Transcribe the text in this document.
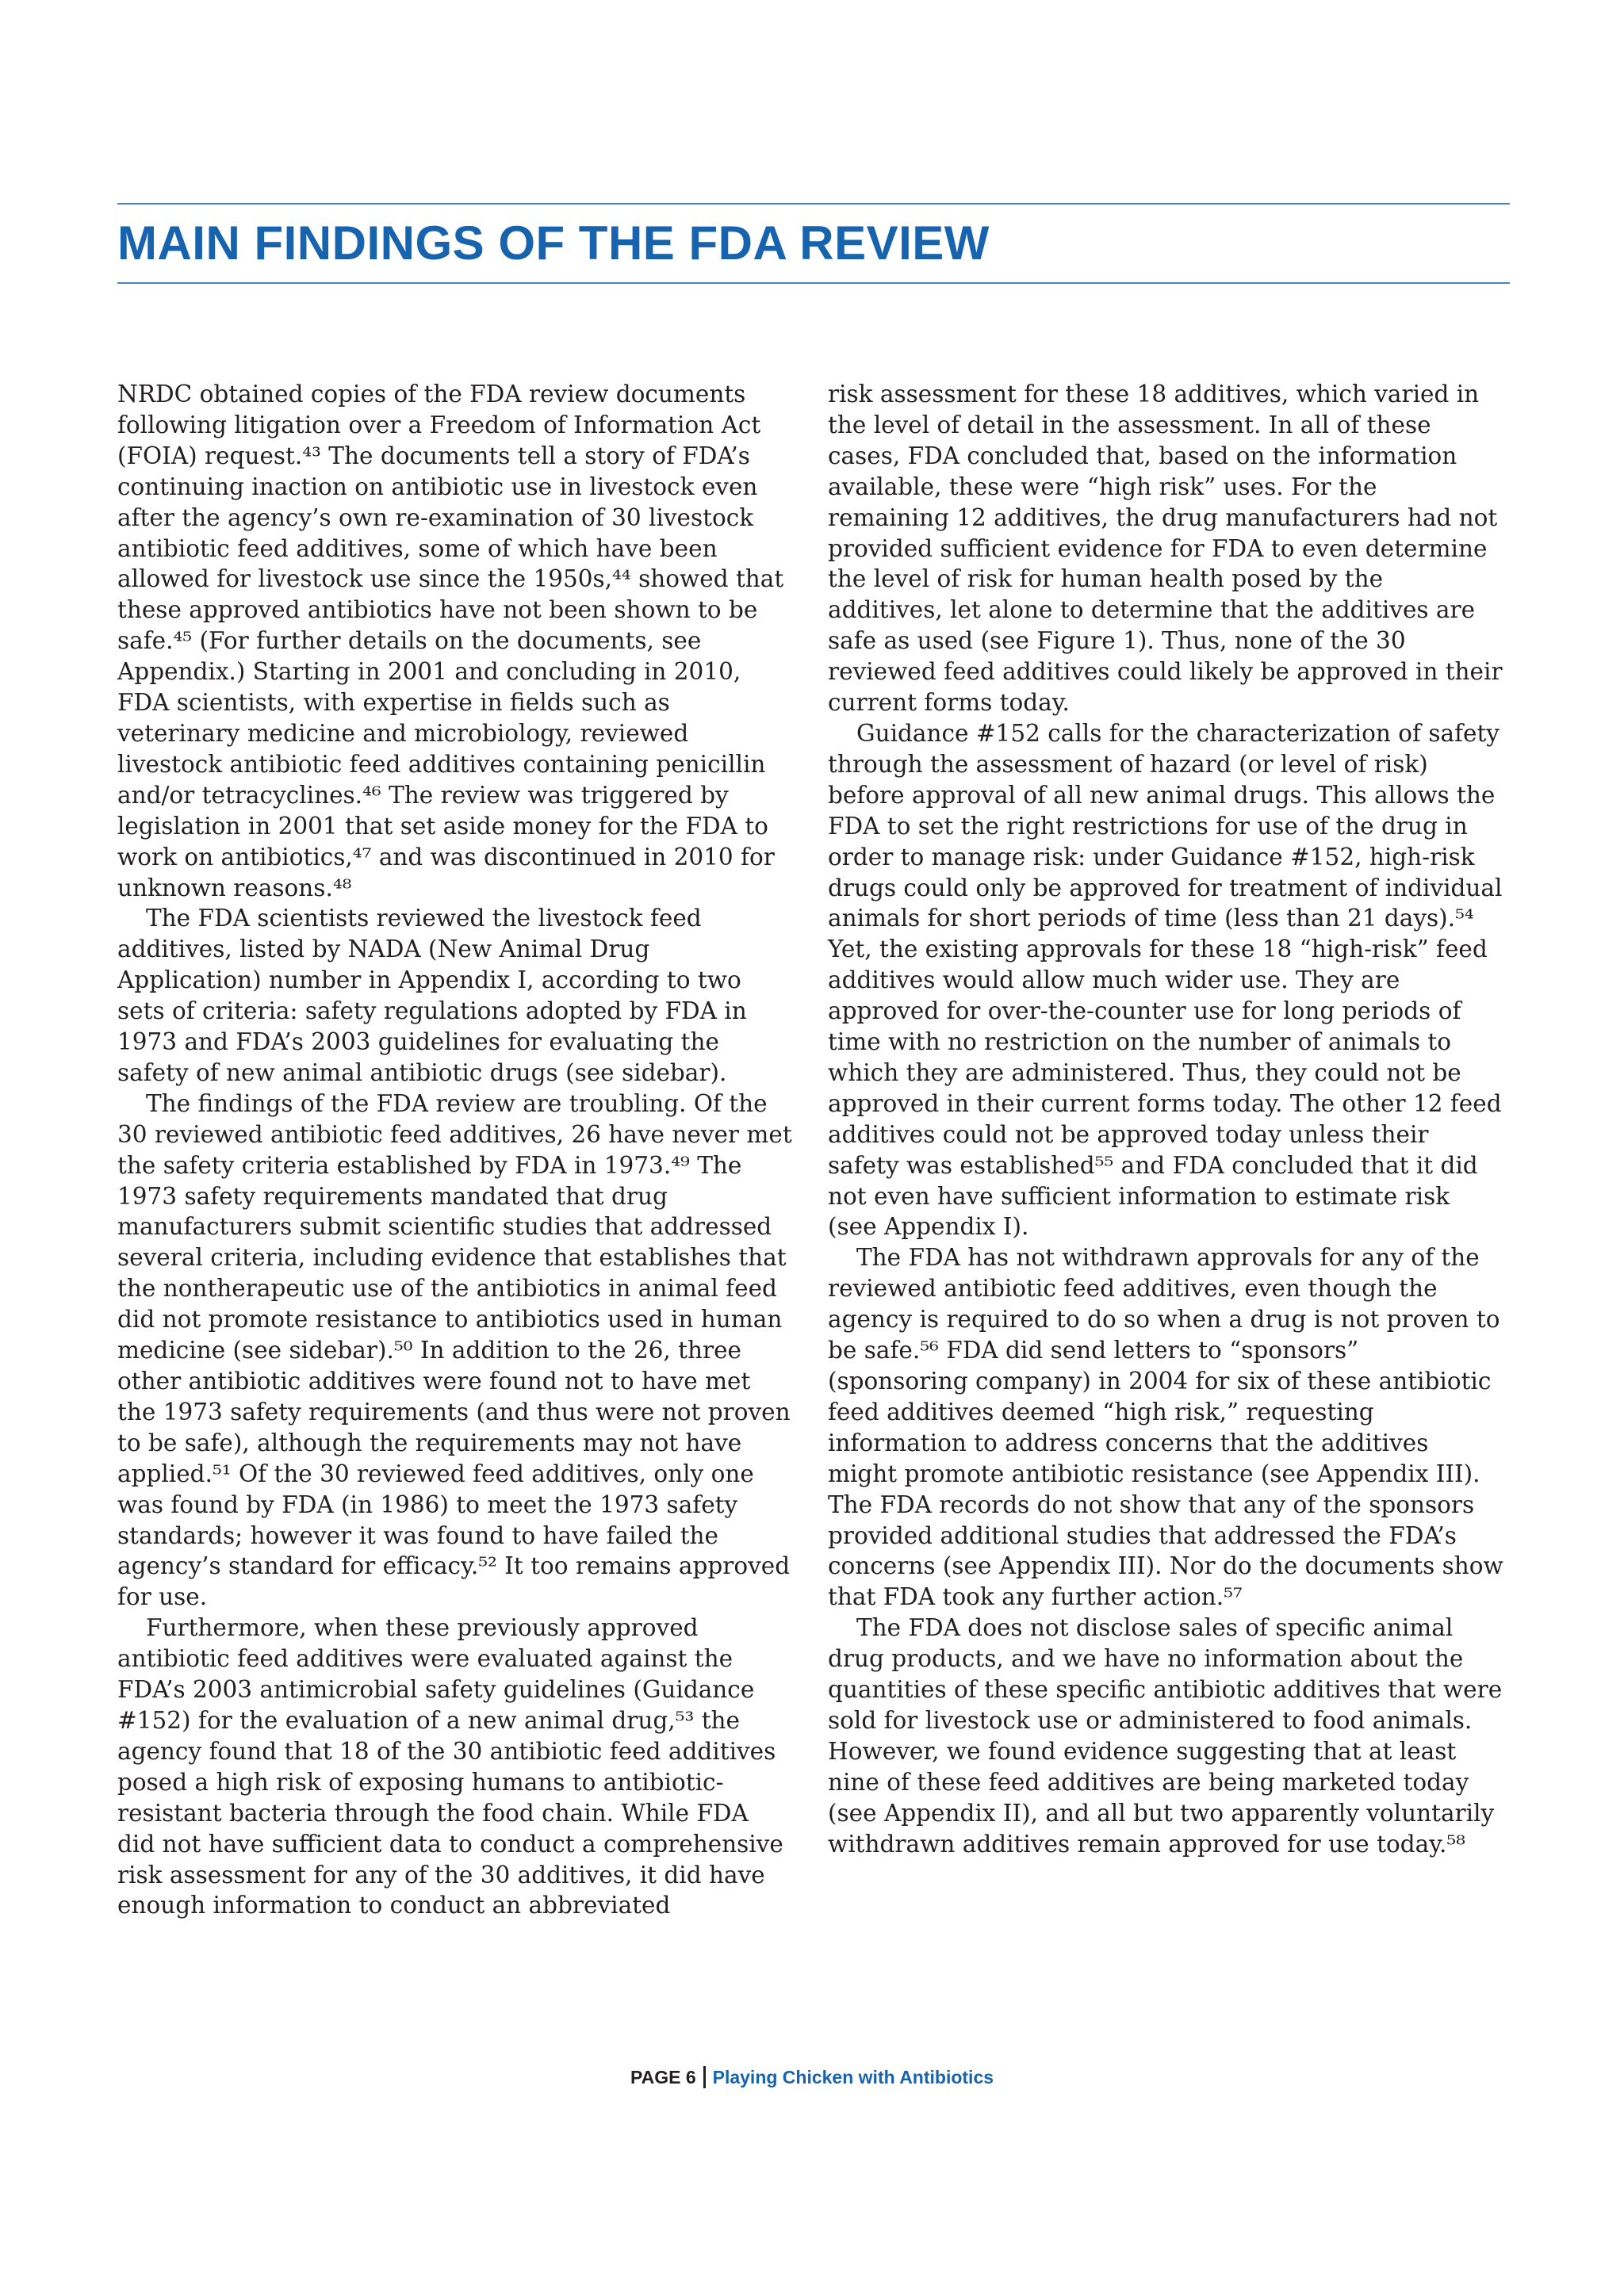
MAIN FINDINGS OF THE FDA REVIEW

NRDC obtained copies of the FDA review documents following litigation over a Freedom of Information Act (FOIA) request.⁴³ The documents tell a story of FDA’s continuing inaction on antibiotic use in livestock even after the agency’s own re-examination of 30 livestock antibiotic feed additives, some of which have been allowed for livestock use since the 1950s,⁴⁴ showed that these approved antibiotics have not been shown to be safe.⁴⁵ (For further details on the documents, see Appendix.) Starting in 2001 and concluding in 2010, FDA scientists, with expertise in fields such as veterinary medicine and microbiology, reviewed livestock antibiotic feed additives containing penicillin and/or tetracyclines.⁴⁶ The review was triggered by legislation in 2001 that set aside money for the FDA to work on antibiotics,⁴⁷ and was discontinued in 2010 for unknown reasons.⁴⁸

The FDA scientists reviewed the livestock feed additives, listed by NADA (New Animal Drug Application) number in Appendix I, according to two sets of criteria: safety regulations adopted by FDA in 1973 and FDA’s 2003 guidelines for evaluating the safety of new animal antibiotic drugs (see sidebar).

The findings of the FDA review are troubling. Of the 30 reviewed antibiotic feed additives, 26 have never met the safety criteria established by FDA in 1973.⁴⁹ The 1973 safety requirements mandated that drug manufacturers submit scientific studies that addressed several criteria, including evidence that establishes that the nontherapeutic use of the antibiotics in animal feed did not promote resistance to antibiotics used in human medicine (see sidebar).⁵⁰ In addition to the 26, three other antibiotic additives were found not to have met the 1973 safety requirements (and thus were not proven to be safe), although the requirements may not have applied.⁵¹ Of the 30 reviewed feed additives, only one was found by FDA (in 1986) to meet the 1973 safety standards; however it was found to have failed the agency’s standard for efficacy.⁵² It too remains approved for use.

Furthermore, when these previously approved antibiotic feed additives were evaluated against the FDA’s 2003 antimicrobial safety guidelines (Guidance #152) for the evaluation of a new animal drug,⁵³ the agency found that 18 of the 30 antibiotic feed additives posed a high risk of exposing humans to antibiotic-resistant bacteria through the food chain. While FDA did not have sufficient data to conduct a comprehensive risk assessment for any of the 30 additives, it did have enough information to conduct an abbreviated

risk assessment for these 18 additives, which varied in the level of detail in the assessment. In all of these cases, FDA concluded that, based on the information available, these were “high risk” uses. For the remaining 12 additives, the drug manufacturers had not provided sufficient evidence for FDA to even determine the level of risk for human health posed by the additives, let alone to determine that the additives are safe as used (see Figure 1). Thus, none of the 30 reviewed feed additives could likely be approved in their current forms today.

Guidance #152 calls for the characterization of safety through the assessment of hazard (or level of risk) before approval of all new animal drugs. This allows the FDA to set the right restrictions for use of the drug in order to manage risk: under Guidance #152, high-risk drugs could only be approved for treatment of individual animals for short periods of time (less than 21 days).⁵⁴ Yet, the existing approvals for these 18 “high-risk” feed additives would allow much wider use. They are approved for over-the-counter use for long periods of time with no restriction on the number of animals to which they are administered. Thus, they could not be approved in their current forms today. The other 12 feed additives could not be approved today unless their safety was established⁵⁵ and FDA concluded that it did not even have sufficient information to estimate risk (see Appendix I).

The FDA has not withdrawn approvals for any of the reviewed antibiotic feed additives, even though the agency is required to do so when a drug is not proven to be safe.⁵⁶ FDA did send letters to “sponsors” (sponsoring company) in 2004 for six of these antibiotic feed additives deemed “high risk,” requesting information to address concerns that the additives might promote antibiotic resistance (see Appendix III). The FDA records do not show that any of the sponsors provided additional studies that addressed the FDA’s concerns (see Appendix III). Nor do the documents show that FDA took any further action.⁵⁷

The FDA does not disclose sales of specific animal drug products, and we have no information about the quantities of these specific antibiotic additives that were sold for livestock use or administered to food animals. However, we found evidence suggesting that at least nine of these feed additives are being marketed today (see Appendix II), and all but two apparently voluntarily withdrawn additives remain approved for use today.⁵⁸

PAGE 6 Playing Chicken with Antibiotics
